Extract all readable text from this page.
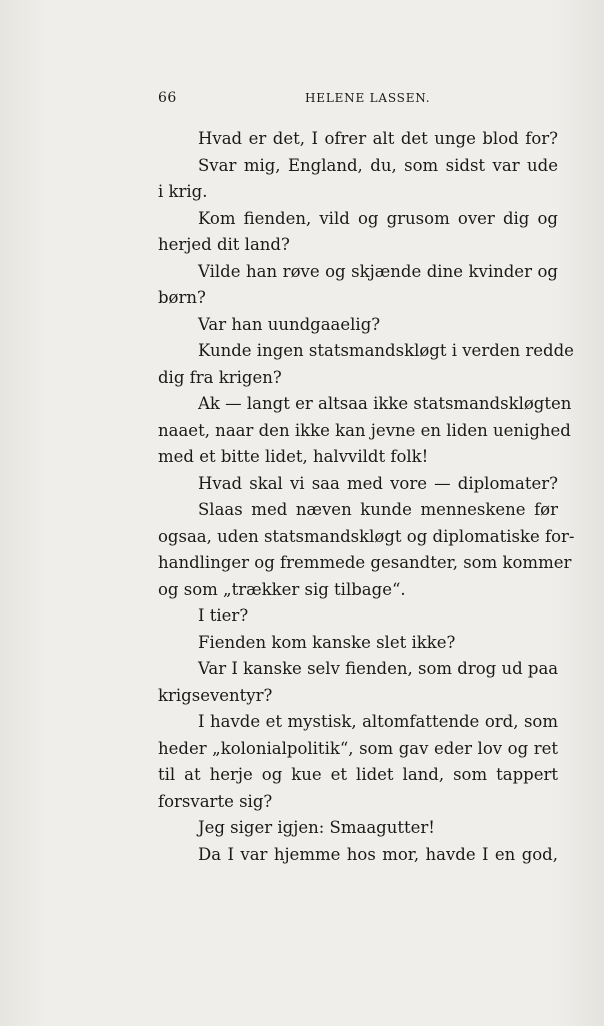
66	HELENE LASSEN.
Hvad er det, I ofrer alt det unge blod for?
Svar mig, England, du, som sidst var ude
i krig.
Kom fienden, vild og grusom over dig og
herjed dit land?
Vilde han røve og skjænde dine kvinder og
børn?
Var han uundgaaelig?
Kunde ingen statsmandskløgt i verden redde
dig fra krigen?
Ak — langt er altsaa ikke statsmandskløgten
naaet, naar den ikke kan jevne en liden uenighed
med et bitte lidet, halvvildt folk!
Hvad skal vi saa med vore — diplomater?
Slaas med næven kunde menneskene før
ogsaa, uden statsmandskløgt og diplomatiske for-
handlinger og fremmede gesandter, som kommer
og som „trækker sig tilbage“.
I tier?
Fienden kom kanske slet ikke?
Var I kanske selv fienden, som drog ud paa
krigseventyr?
I havde et mystisk, altomfattende ord, som
heder „kolonialpolitik“, som gav eder lov og ret
til at herje og kue et lidet land, som tappert
forsvarte sig?
Jeg siger igjen: Smaagutter!
Da I var hjemme hos mor, havde I en god,
